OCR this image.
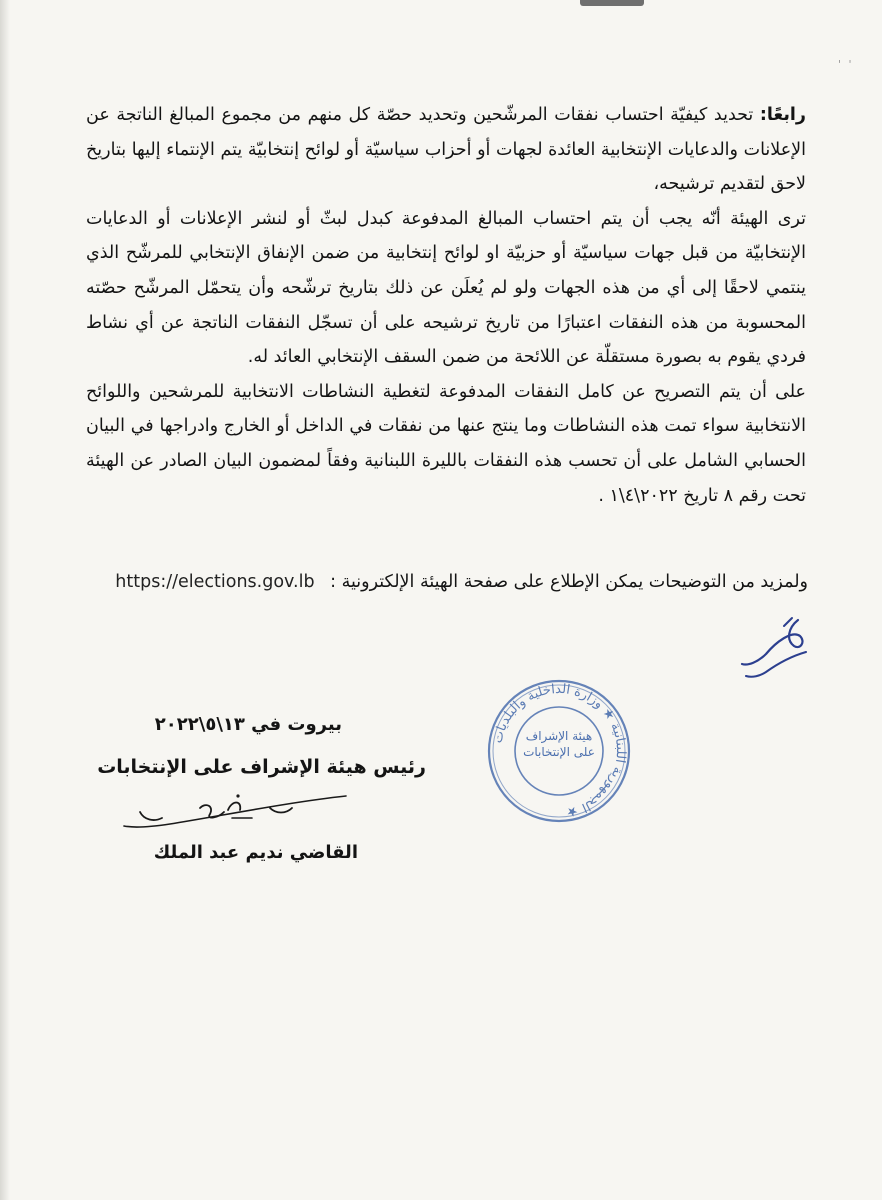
' '

رابعًا: تحديد كيفيّة احتساب نفقات المرشّحين وتحديد حصّة كل منهم من مجموع المبالغ الناتجة عن الإعلانات والدعايات الإنتخابية العائدة لجهات أو أحزاب سياسيّة أو لوائح إنتخابيّة يتم الإنتماء إليها بتاريخ لاحق لتقديم ترشيحه،

ترى الهيئة أنّه يجب أن يتم احتساب المبالغ المدفوعة كبدل لبثّ أو لنشر الإعلانات أو الدعايات الإنتخابيّة من قبل جهات سياسيّة أو حزبيّة او لوائح إنتخابية من ضمن الإنفاق الإنتخابي للمرشّح الذي ينتمي لاحقًا إلى أي من هذه الجهات ولو لم يُعلَن عن ذلك بتاريخ ترشّحه وأن يتحمّل المرشّح حصّته المحسوبة من هذه النفقات اعتبارًا من تاريخ ترشيحه على أن تسجّل النفقات الناتجة عن أي نشاط فردي يقوم به بصورة مستقلّة عن اللائحة من ضمن السقف الإنتخابي العائد له.

على أن يتم التصريح عن كامل النفقات المدفوعة لتغطية النشاطات الانتخابية للمرشحين واللوائح الانتخابية سواء تمت هذه النشاطات وما ينتج عنها من نفقات في الداخل أو الخارج وادراجها في البيان الحسابي الشامل على أن تحسب هذه النفقات بالليرة اللبنانية وفقاً لمضمون البيان الصادر عن الهيئة تحت رقم ٨ تاريخ ٢٠٢٢\٤\١ .

ولمزيد من التوضيحات يمكن الإطلاع على صفحة الهيئة الإلكترونية : https://elections.gov.lb
الجمهورية اللبنانية ★ وزارة الداخلية والبلديات ★
هيئة الإشراف
على الإنتخابات
بيروت في ١٣\٥\٢٠٢٢
رئيس هيئة الإشراف على الإنتخابات
القاضي نديم عبد الملك
